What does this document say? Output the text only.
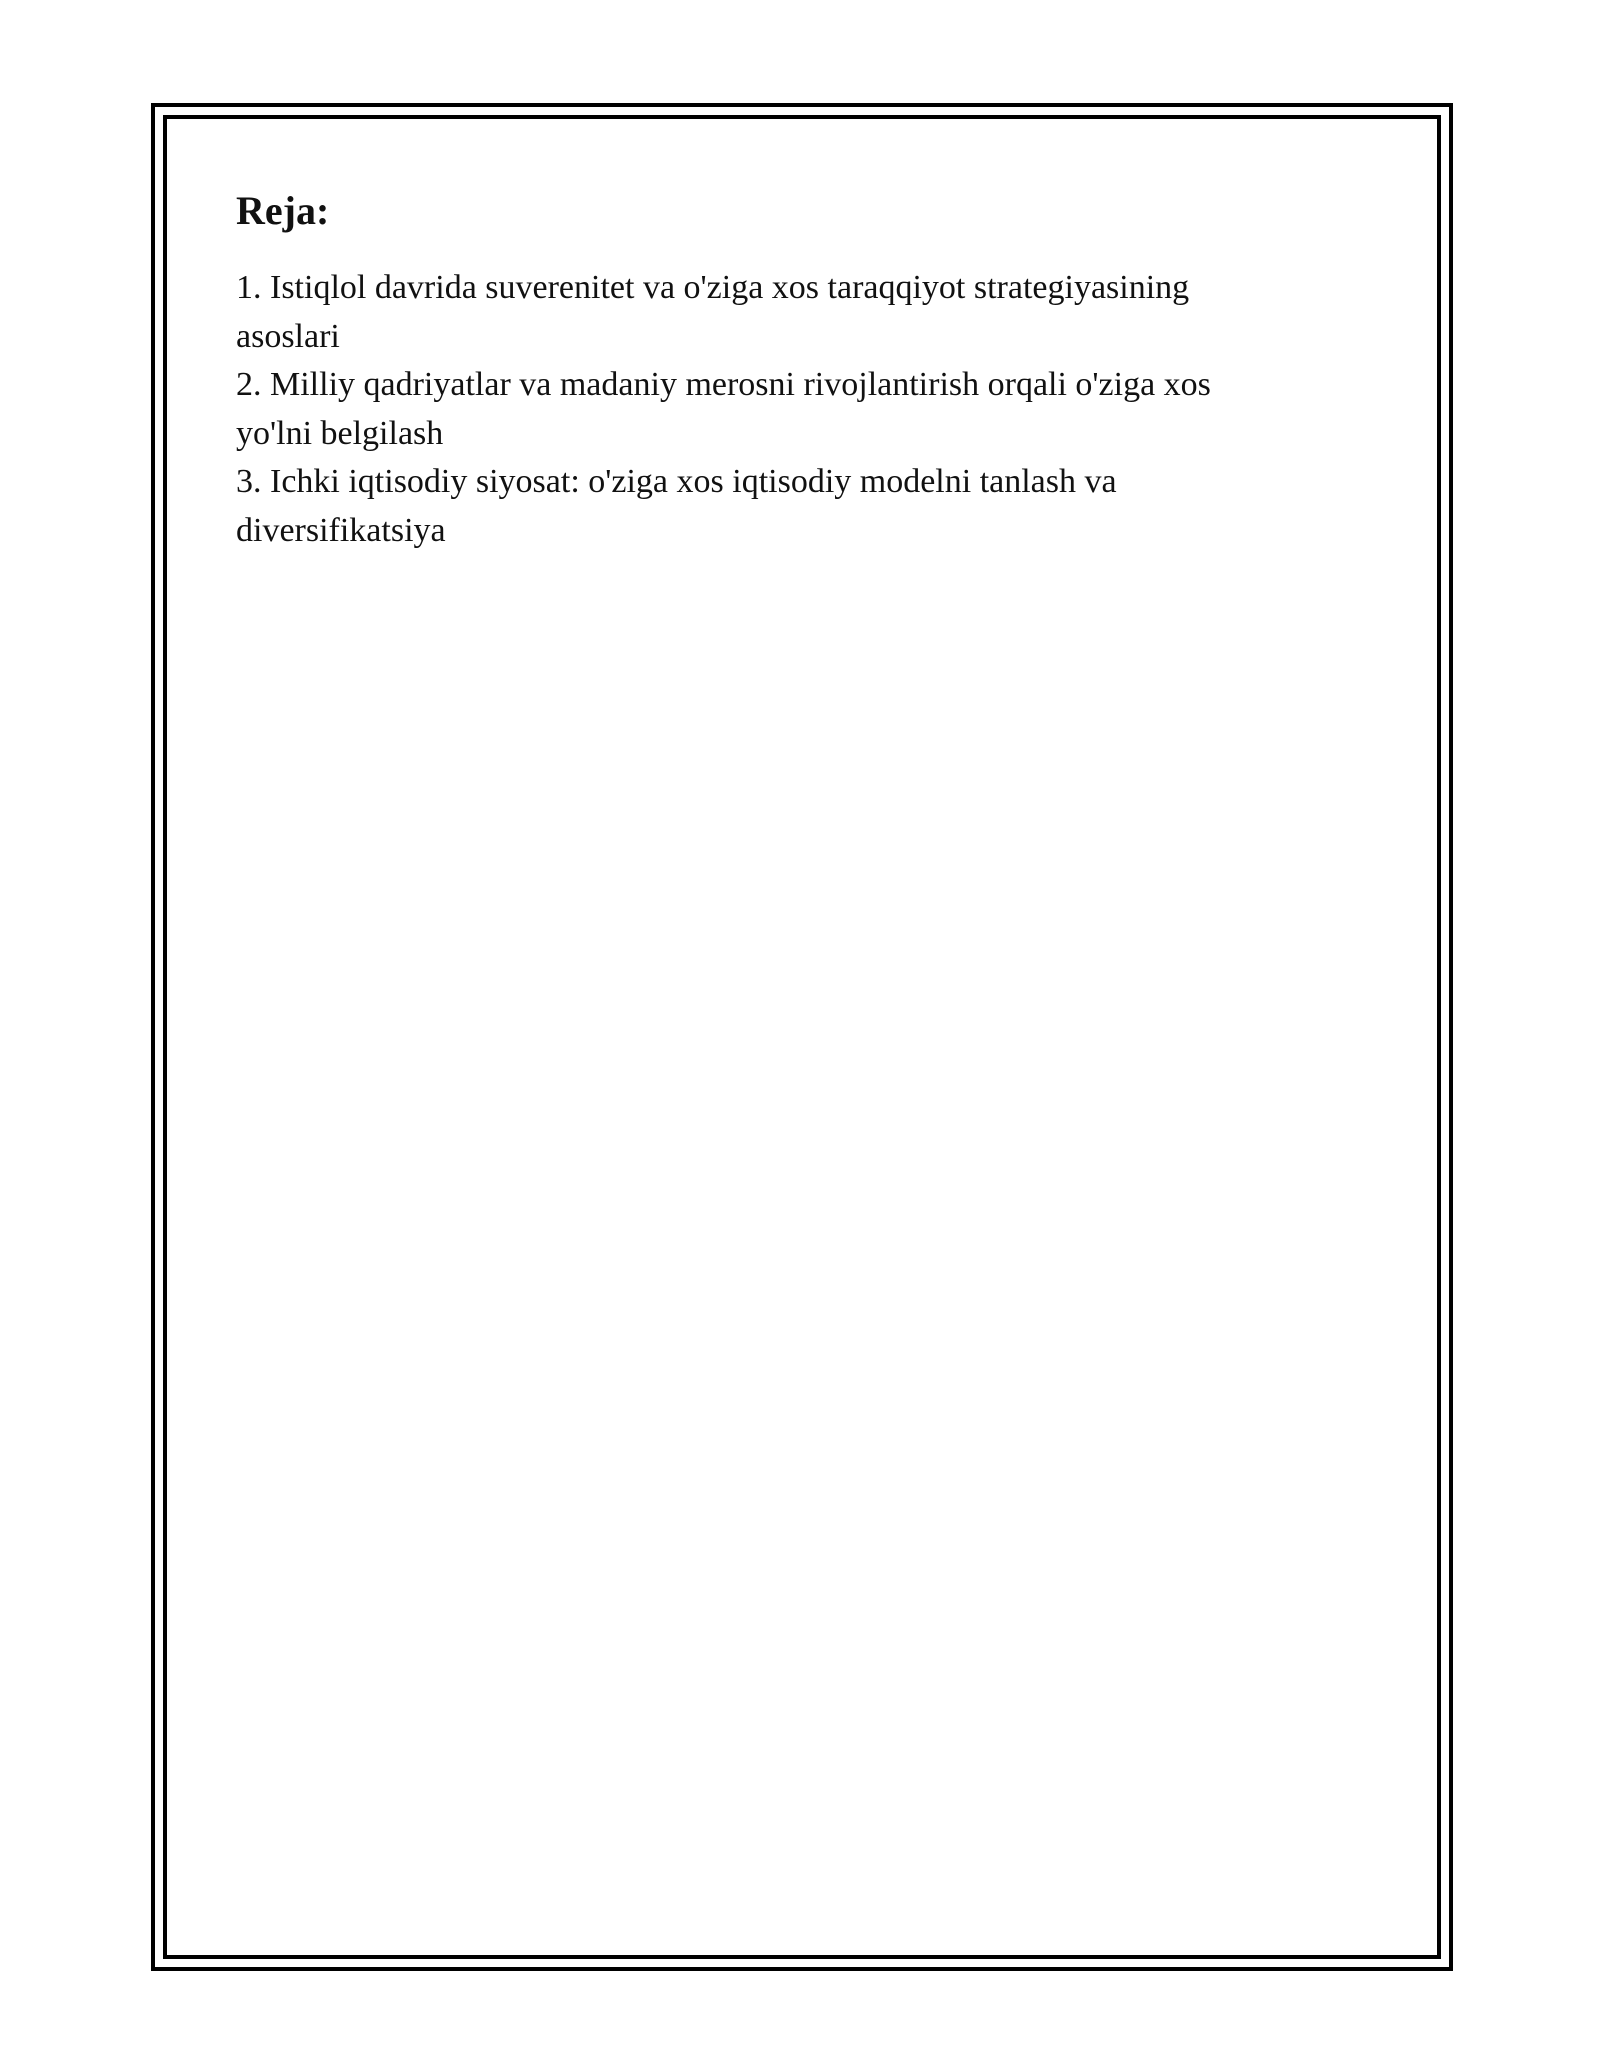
Reja:
1. Istiqlol davrida suverenitet va o'ziga xos taraqqiyot strategiyasining
asoslari
2. Milliy qadriyatlar va madaniy merosni rivojlantirish orqali o'ziga xos
yo'lni belgilash
3. Ichki iqtisodiy siyosat: o'ziga xos iqtisodiy modelni tanlash va
diversifikatsiya
